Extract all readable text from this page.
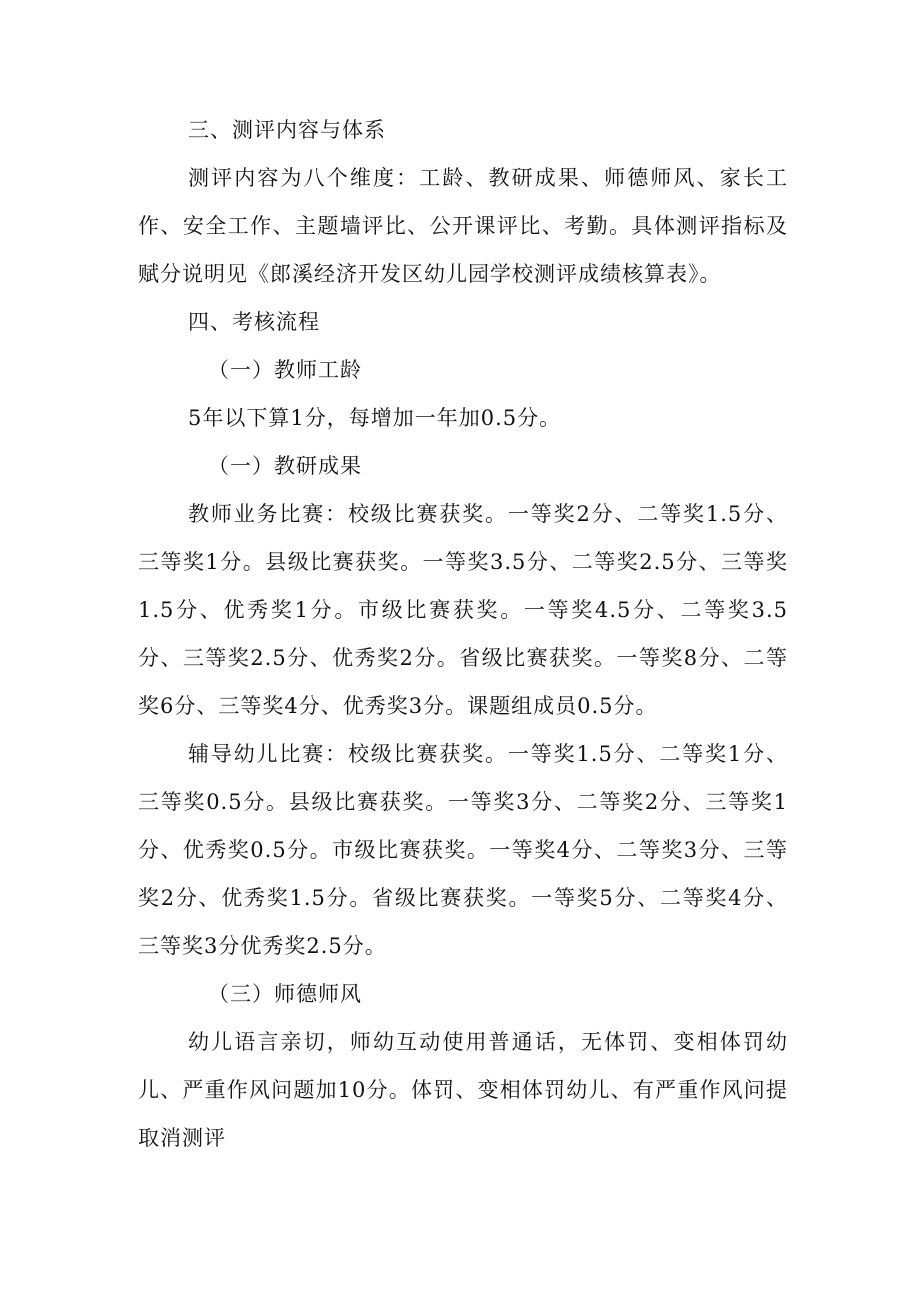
三、测评内容与体系

测评内容为八个维度：工龄、教研成果、师德师风、家长工作、安全工作、主题墙评比、公开课评比、考勤。具体测评指标及赋分说明见《郎溪经济开发区幼儿园学校测评成绩核算表》。

四、考核流程

（一）教师工龄

5年以下算1分，每增加一年加0.5分。

（一）教研成果

教师业务比赛：校级比赛获奖。一等奖2分、二等奖1.5分、三等奖1分。县级比赛获奖。一等奖3.5分、二等奖2.5分、三等奖1.5分、优秀奖1分。市级比赛获奖。一等奖4.5分、二等奖3.5分、三等奖2.5分、优秀奖2分。省级比赛获奖。一等奖8分、二等奖6分、三等奖4分、优秀奖3分。课题组成员0.5分。

辅导幼儿比赛：校级比赛获奖。一等奖1.5分、二等奖1分、三等奖0.5分。县级比赛获奖。一等奖3分、二等奖2分、三等奖1分、优秀奖0.5分。市级比赛获奖。一等奖4分、二等奖3分、三等奖2分、优秀奖1.5分。省级比赛获奖。一等奖5分、二等奖4分、三等奖3分优秀奖2.5分。

（三）师德师风

幼儿语言亲切，师幼互动使用普通话，无体罚、变相体罚幼儿、严重作风问题加10分。体罚、变相体罚幼儿、有严重作风问提取消测评
